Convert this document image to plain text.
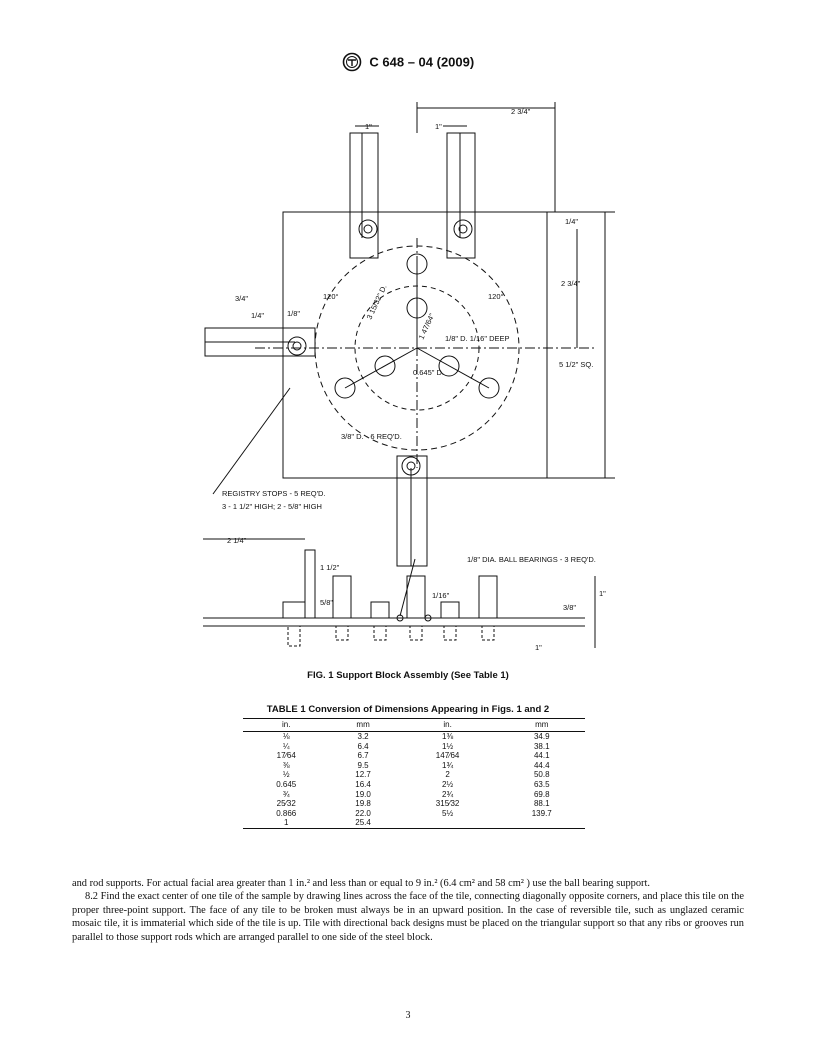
C 648 – 04 (2009)
2 3/4"
1"	1"
1/4"
2 3/4"
5 1/2" SQ.
3/4"
1/4"	1/8"
120°	120°
3 15/32" D.
1 47/64" 1/8" D. 1/16" DEEP
0.645" D.
3/8" D. - 6 REQ'D.
REGISTRY STOPS - 5 REQ'D.
3 - 1 1/2" HIGH; 2 - 5/8" HIGH
2 1/4"
1 1/2"
5/8"
1/8" DIA. BALL BEARINGS - 3 REQ'D.
1/16"
3/8"
1"
1"
FIG. 1 Support Block Assembly (See Table 1)
TABLE 1 Conversion of Dimensions Appearing in Figs. 1 and 2
in.	mm	in.	mm
⅛	3.2	1⅜	34.9
¼	6.4	1½	38.1
17⁄64	6.7	147⁄64	44.1
⅜	9.5	1¾	44.4
½	12.7	2	50.8
0.645	16.4	2½	63.5
¾	19.0	2¾	69.8
25⁄32	19.8	315⁄32	88.1
0.866	22.0	5½	139.7
1	25.4		

and rod supports. For actual facial area greater than 1 in.² and less than or equal to 9 in.² (6.4 cm² and 58 cm² ) use the ball bearing support.

8.2 Find the exact center of one tile of the sample by drawing lines across the face of the tile, connecting diagonally opposite corners, and place this tile on the proper three-point support. The face of any tile to be broken must always be in an upward position. In the case of reversible tile, such as unglazed ceramic mosaic tile, it is immaterial which side of the tile is up. Tile with directional back designs must be placed on the triangular support so that any ribs or grooves run parallel to those support rods which are arranged parallel to one side of the steel block.

3
